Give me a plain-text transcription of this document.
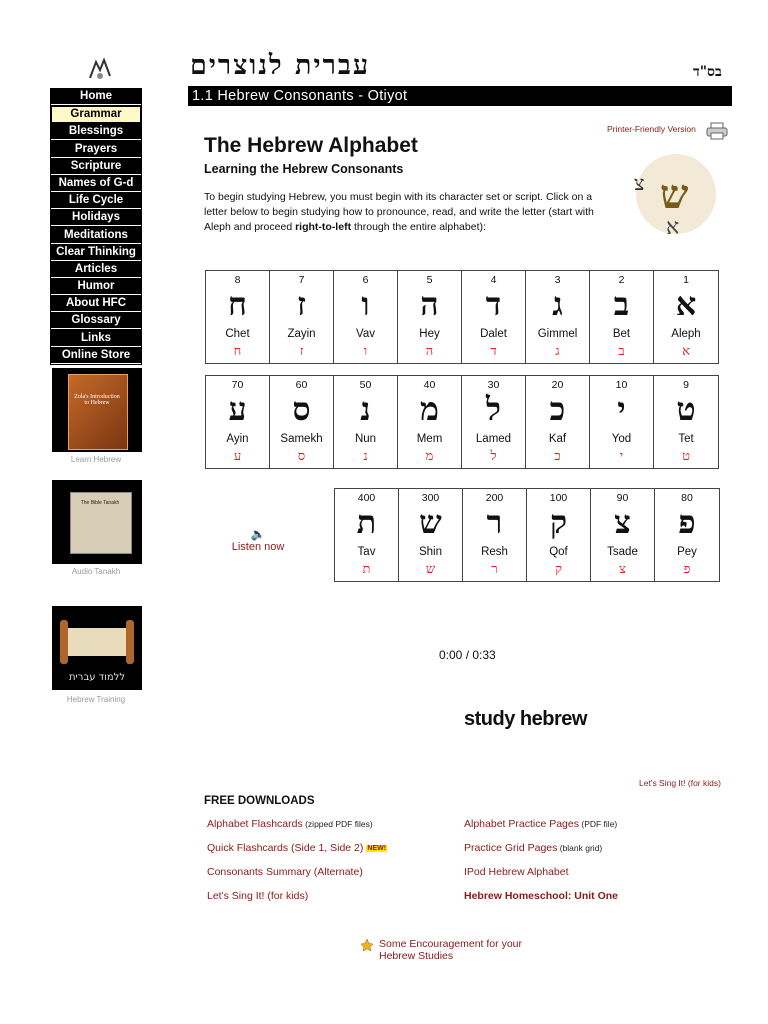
עברית לנוצרים	בס"ד
1.1 Hebrew Consonants - Otiyot
Home
Grammar
Blessings
Prayers
Scripture
Names of G-d
Life Cycle
Holidays
Meditations
Clear Thinking
Articles
Humor
About HFC
Glossary
Links
Online Store
Zola's Introduction to Hebrew
Learn Hebrew
The Bible Tanakh
Audio Tanakh
ללמוד עברית
Hebrew Training
The Hebrew Alphabet
Learning the Hebrew Consonants
Printer-Friendly Version
ש
צ
א
To begin studying Hebrew, you must begin with its character set or script. Click on a letter below to begin studying how to pronounce, read, and write the letter (start with Aleph and proceed right-to-left through the entire alphabet):
8
ח
Chet
ח
7
ז
Zayin
ז
6
ו
Vav
ו
5
ה
Hey
ה
4
ד
Dalet
ד
3
ג
Gimmel
ג
2
ב
Bet
ב
1
א
Aleph
א
70
ע
Ayin
ע
60
ס
Samekh
ס
50
נ
Nun
נ
40
מ
Mem
מ
30
ל
Lamed
ל
20
כ
Kaf
כ
10
י
Yod
י
9
ט
Tet
ט
400
ת
Tav
ת
300
ש
Shin
ש
200
ר
Resh
ר
100
ק
Qof
ק
90
צ
Tsade
צ
80
פ
Pey
פ
🔈
Listen now
0:00 / 0:33
study hebrew
Let's Sing It! (for kids)
FREE DOWNLOADS
Alphabet Flashcards (zipped PDF files)
Quick Flashcards (Side 1, Side 2) NEW!
Consonants Summary (Alternate)
Let's Sing It! (for kids)
Alphabet Practice Pages (PDF file)
Practice Grid Pages (blank grid)
IPod Hebrew Alphabet
Hebrew Homeschool: Unit One
Some Encouragement for your
Hebrew Studies
